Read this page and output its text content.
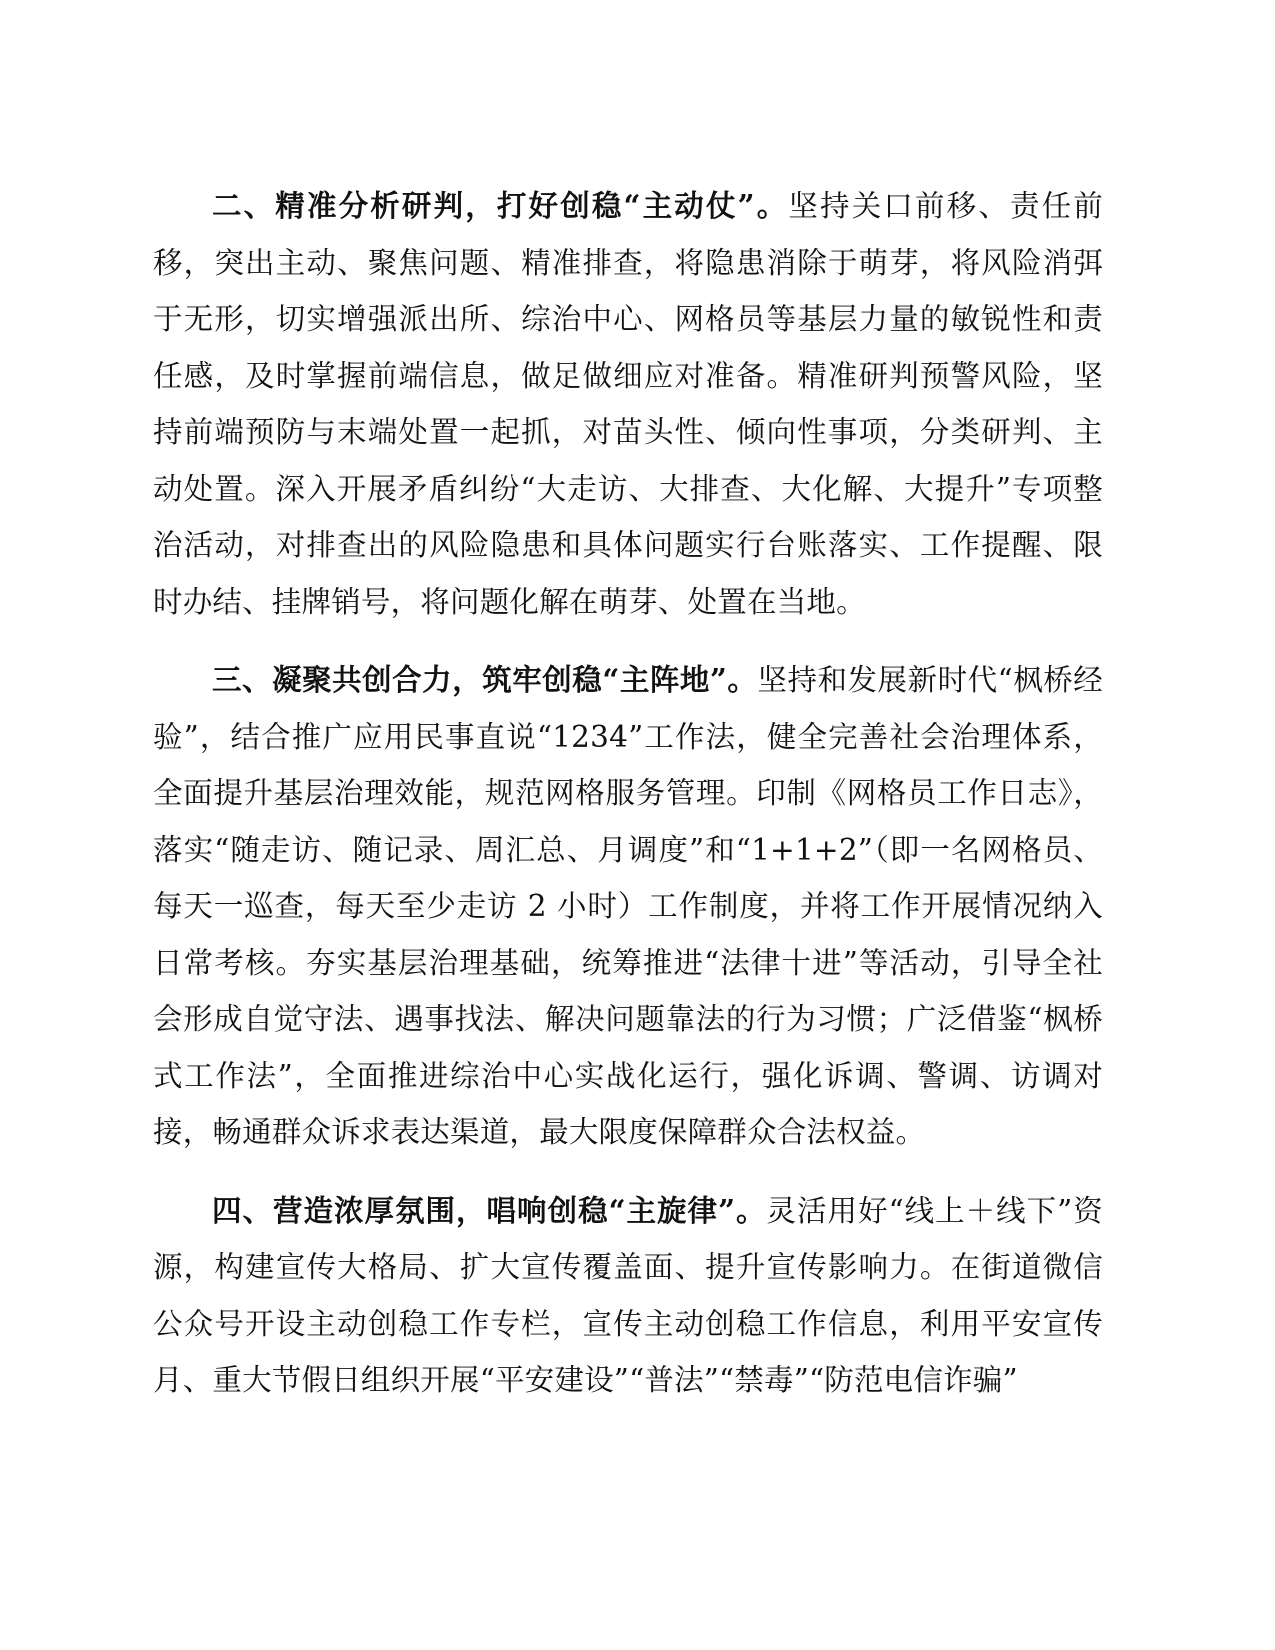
二、精准分析研判，打好创稳“主动仗”。坚持关口前移、责任前移，突出主动、聚焦问题、精准排查，将隐患消除于萌芽，将风险消弭于无形，切实增强派出所、综治中心、网格员等基层力量的敏锐性和责任感，及时掌握前端信息，做足做细应对准备。精准研判预警风险，坚持前端预防与末端处置一起抓，对苗头性、倾向性事项，分类研判、主动处置。深入开展矛盾纠纷“大走访、大排查、大化解、大提升”专项整治活动，对排查出的风险隐患和具体问题实行台账落实、工作提醒、限时办结、挂牌销号，将问题化解在萌芽、处置在当地。

三、凝聚共创合力，筑牢创稳“主阵地”。坚持和发展新时代“枫桥经验”，结合推广应用民事直说“1234”工作法，健全完善社会治理体系，全面提升基层治理效能，规范网格服务管理。印制《网格员工作日志》，落实“随走访、随记录、周汇总、月调度”和“1+1+2”（即一名网格员、每天一巡查，每天至少走访 2 小时）工作制度，并将工作开展情况纳入日常考核。夯实基层治理基础，统筹推进“法律十进”等活动，引导全社会形成自觉守法、遇事找法、解决问题靠法的行为习惯；广泛借鉴“枫桥式工作法”，全面推进综治中心实战化运行，强化诉调、警调、访调对接，畅通群众诉求表达渠道，最大限度保障群众合法权益。

四、营造浓厚氛围，唱响创稳“主旋律”。灵活用好“线上＋线下”资源，构建宣传大格局、扩大宣传覆盖面、提升宣传影响力。在街道微信公众号开设主动创稳工作专栏，宣传主动创稳工作信息，利用平安宣传月、重大节假日组织开展“平安建设”“普法”“禁毒”“防范电信诈骗”
